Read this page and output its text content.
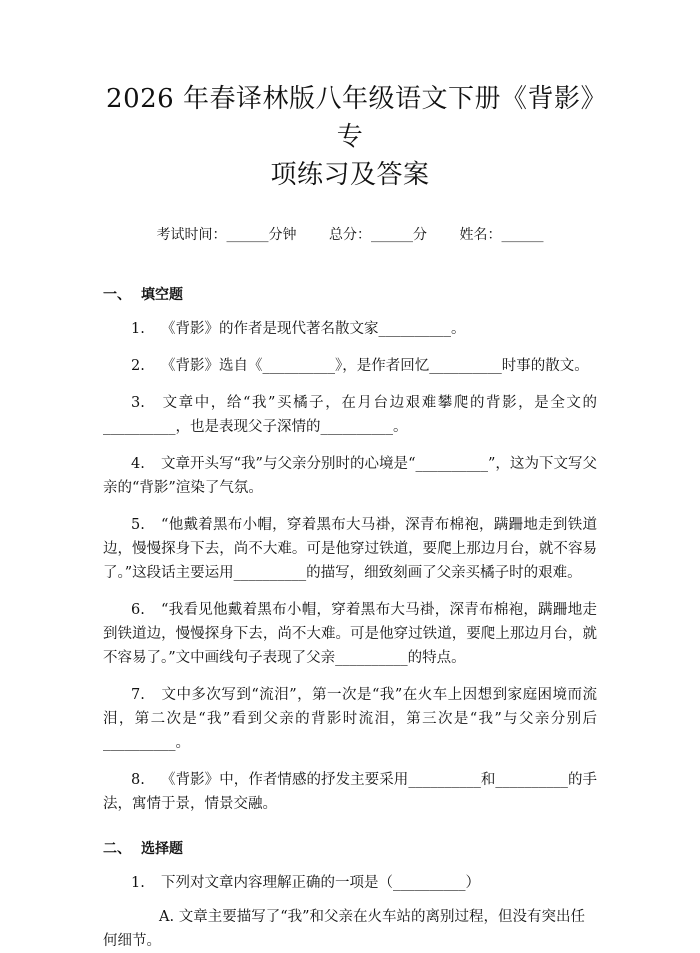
2026 年春译林版八年级语文下册《背影》专
项练习及答案
考试时间：______分钟 总分：______分 姓名：______
一、 填空题

1. 《背影》的作者是现代著名散文家__________。

2. 《背影》选自《__________》，是作者回忆__________时事的散文。

3. 文章中，给“我”买橘子，在月台边艰难攀爬的背影，是全文的__________，也是表现父子深情的__________。

4. 文章开头写“我”与父亲分别时的心境是“__________”，这为下文写父亲的“背影”渲染了气氛。

5. “他戴着黑布小帽，穿着黑布大马褂，深青布棉袍，蹒跚地走到铁道边，慢慢探身下去，尚不大难。可是他穿过铁道，要爬上那边月台，就不容易了。”这段话主要运用__________的描写，细致刻画了父亲买橘子时的艰难。

6. “我看见他戴着黑布小帽，穿着黑布大马褂，深青布棉袍，蹒跚地走到铁道边，慢慢探身下去，尚不大难。可是他穿过铁道，要爬上那边月台，就不容易了。”文中画线句子表现了父亲__________的特点。

7. 文中多次写到“流泪”，第一次是“我”在火车上因想到家庭困境而流泪，第二次是“我”看到父亲的背影时流泪，第三次是“我”与父亲分别后__________。

8. 《背影》中，作者情感的抒发主要采用__________和__________的手法，寓情于景，情景交融。

二、 选择题

1. 下列对文章内容理解正确的一项是（__________）

A. 文章主要描写了“我”和父亲在火车站的离别过程，但没有突出任何细节。
